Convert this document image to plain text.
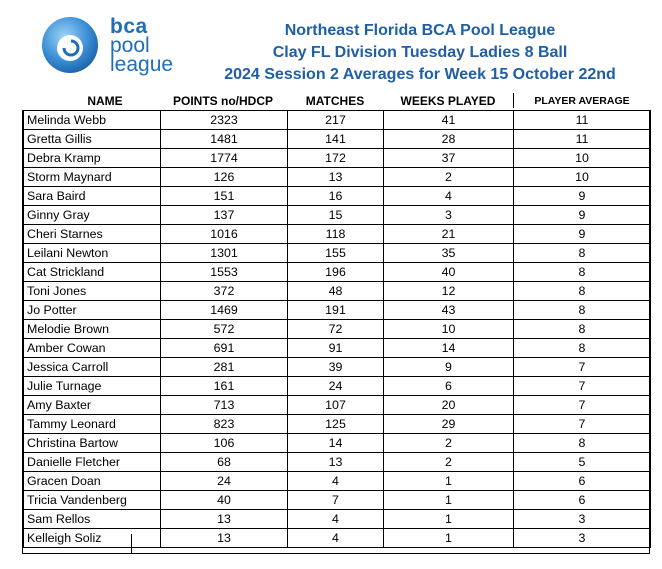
bca
pool
league
Northeast Florida BCA Pool League
Clay FL Division Tuesday Ladies 8 Ball
2024 Session 2 Averages for Week 15 October 22nd
NAME	POINTS no/HDCP	MATCHES	WEEKS PLAYED	PLAYER AVERAGE
Melinda Webb	2323	217	41	11
Gretta Gillis	1481	141	28	11
Debra Kramp	1774	172	37	10
Storm Maynard	126	13	2	10
Sara Baird	151	16	4	9
Ginny Gray	137	15	3	9
Cheri Starnes	1016	118	21	9
Leilani Newton	1301	155	35	8
Cat Strickland	1553	196	40	8
Toni Jones	372	48	12	8
Jo Potter	1469	191	43	8
Melodie Brown	572	72	10	8
Amber Cowan	691	91	14	8
Jessica Carroll	281	39	9	7
Julie Turnage	161	24	6	7
Amy Baxter	713	107	20	7
Tammy Leonard	823	125	29	7
Christina Bartow	106	14	2	8
Danielle Fletcher	68	13	2	5
Gracen Doan	24	4	1	6
Tricia Vandenberg	40	7	1	6
Sam Rellos	13	4	1	3
Kelleigh Soliz	13	4	1	3
